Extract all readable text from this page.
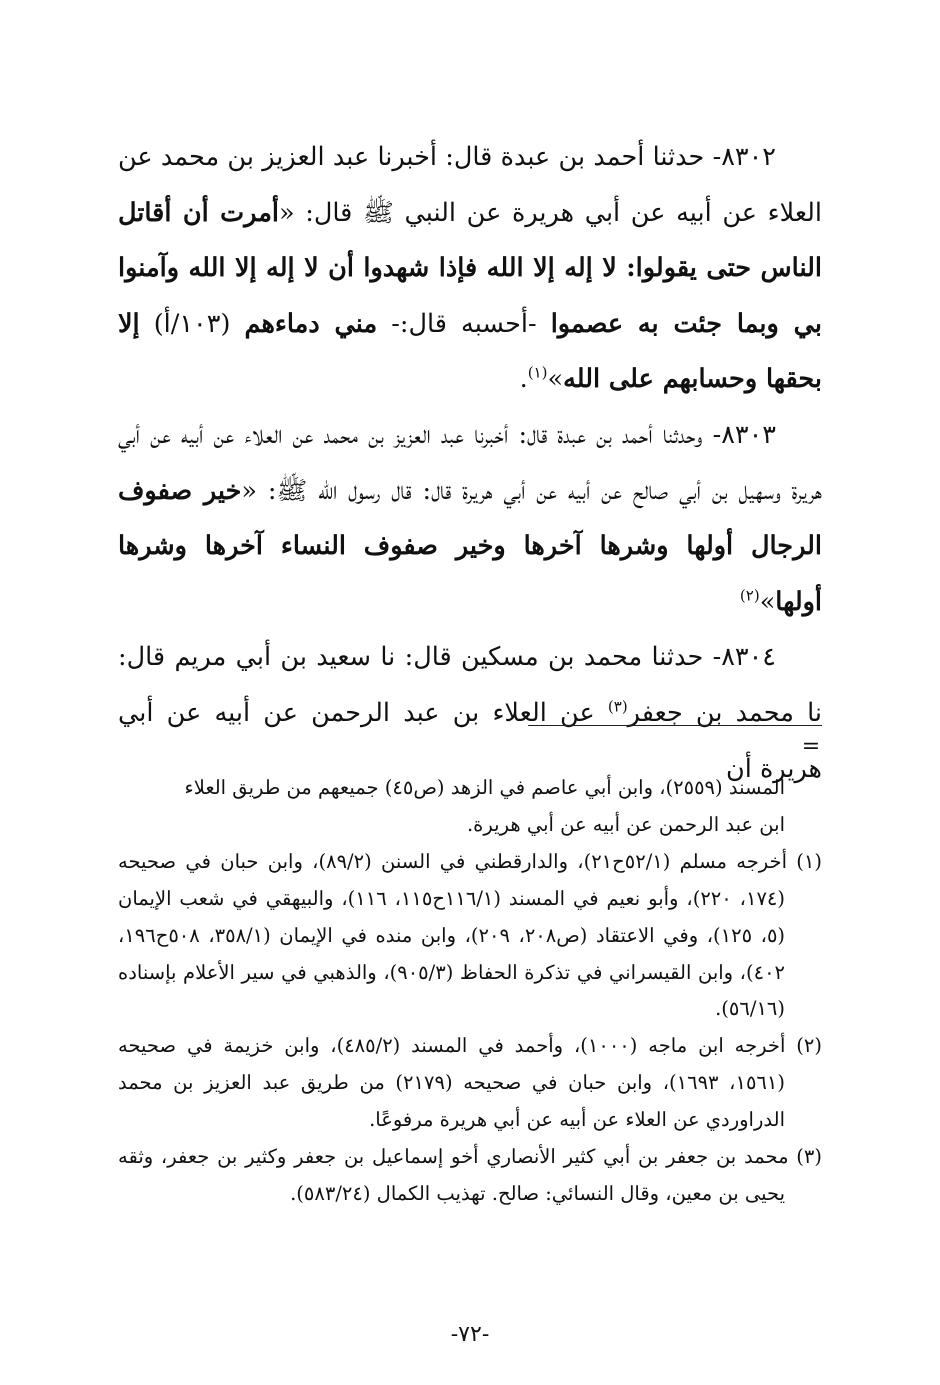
٨٣٠٢- حدثنا أحمد بن عبدة قال: أخبرنا عبد العزيز بن محمد عن العلاء عن أبيه عن أبي هريرة عن النبي ﷺ قال: «أمرت أن أقاتل الناس حتى يقولوا: لا إله إلا الله فإذا شهدوا أن لا إله إلا الله وآمنوا بي وبما جئت به عصموا -أحسبه قال:- مني دماءهم (١٠٣/أ) إلا بحقها وحسابهم على الله»$^{(١)}$.

٨٣٠٣- وحدثنا أحمد بن عبدة قال: أخبرنا عبد العزيز بن محمد عن العلاء عن أبيه عن أبي هريرة وسهيل بن أبي صالح عن أبيه عن أبي هريرة قال: قال رسول الله ﷺ: «خير صفوف الرجال أولها وشرها آخرها وخير صفوف النساء آخرها وشرها أولها»$^{(٢)}$

٨٣٠٤- حدثنا محمد بن مسكين قال: نا سعيد بن أبي مريم قال: نا محمد بن جعفر$^{(٣)}$ عن العلاء بن عبد الرحمن عن أبيه عن أبي هريرة أن

=

المسند (٢٥٥٩)، وابن أبي عاصم في الزهد (ص٤٥) جميعهم من طريق العلاء

ابن عبد الرحمن عن أبيه عن أبي هريرة.

(١) أخرجه مسلم (٥٢/١ح٢١)، والدارقطني في السنن (٨٩/٢)، وابن حبان في صحيحه (١٧٤، ٢٢٠)، وأبو نعيم في المسند (١١٦/١ح١١٥، ١١٦)، والبيهقي في شعب الإيمان (٥، ١٢٥)، وفي الاعتقاد (ص٢٠٨، ٢٠٩)، وابن منده في الإيمان (٣٥٨/١، ٥٠٨ح١٩٦، ٤٠٢)، وابن القيسراني في تذكرة الحفاظ (٩٠٥/٣)، والذهبي في سير الأعلام بإسناده (٥٦/١٦).

(٢) أخرجه ابن ماجه (١٠٠٠)، وأحمد في المسند (٤٨٥/٢)، وابن خزيمة في صحيحه (١٥٦١، ١٦٩٣)، وابن حبان في صحيحه (٢١٧٩) من طريق عبد العزيز بن محمد الدراوردي عن العلاء عن أبيه عن أبي هريرة مرفوعًا.

(٣) محمد بن جعفر بن أبي كثير الأنصاري أخو إسماعيل بن جعفر وكثير بن جعفر، وثقه يحيى بن معين، وقال النسائي: صالح. تهذيب الكمال (٥٨٣/٢٤).

-٧٢-
